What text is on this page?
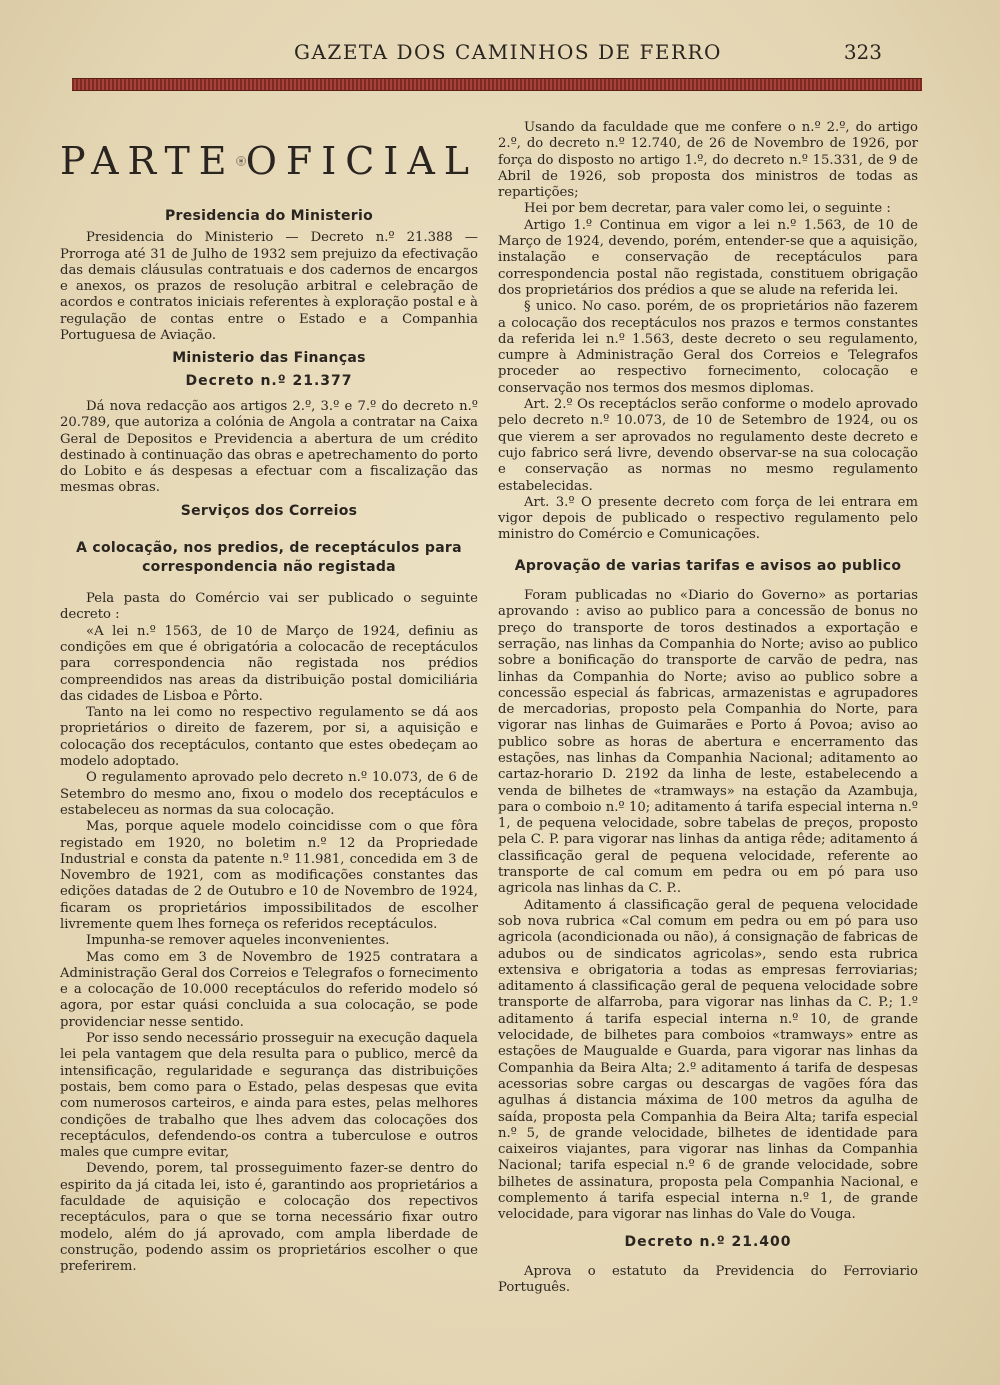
GAZETA DOS CAMINHOS DE FERRO	323
PARTE OFICIAL
Presidencia do Ministerio

Presidencia do Ministerio — Decreto n.º 21.388 — Prorroga até 31 de Julho de 1932 sem prejuizo da efectivação das demais cláusulas contratuais e dos cadernos de encargos e anexos, os prazos de resolução arbitral e celebração de acordos e contratos iniciais referentes à exploração postal e à regulação de contas entre o Estado e a Companhia Portuguesa de Aviação.

Ministerio das Finanças
Decreto n.º 21.377

Dá nova redacção aos artigos 2.º, 3.º e 7.º do decreto n.º 20.789, que autoriza a colónia de Angola a contratar na Caixa Geral de Depositos e Previdencia a abertura de um crédito destinado à continuação das obras e apetrechamento do porto do Lobito e ás despesas a efectuar com a fiscalização das mesmas obras.

Serviços dos Correios
A colocação, nos predios, de receptáculos para correspondencia não registada

Pela pasta do Comércio vai ser publicado o seguinte decreto :

«A lei n.º 1563, de 10 de Março de 1924, definiu as condições em que é obrigatória a colocacão de receptáculos para correspondencia não registada nos prédios compreendidos nas areas da distribuição postal domiciliária das cidades de Lisboa e Pôrto.

Tanto na lei como no respectivo regulamento se dá aos proprietários o direito de fazerem, por si, a aquisição e colocação dos receptáculos, contanto que estes obedeçam ao modelo adoptado.

O regulamento aprovado pelo decreto n.º 10.073, de 6 de Setembro do mesmo ano, fixou o modelo dos receptáculos e estabeleceu as normas da sua colocação.

Mas, porque aquele modelo coincidisse com o que fôra registado em 1920, no boletim n.º 12 da Propriedade Industrial e consta da patente n.º 11.981, concedida em 3 de Novembro de 1921, com as modificações constantes das edições datadas de 2 de Outubro e 10 de Novembro de 1924, ficaram os proprietários impossibilitados de escolher livremente quem lhes forneça os referidos receptáculos.

Impunha-se remover aqueles inconvenientes.

Mas como em 3 de Novembro de 1925 contratara a Administração Geral dos Correios e Telegrafos o fornecimento e a colocação de 10.000 receptáculos do referido modelo só agora, por estar quási concluida a sua colocação, se pode providenciar nesse sentido.

Por isso sendo necessário prosseguir na execução daquela lei pela vantagem que dela resulta para o publico, mercê da intensificação, regularidade e segurança das distribuições postais, bem como para o Estado, pelas despesas que evita com numerosos carteiros, e ainda para estes, pelas melhores condições de trabalho que lhes advem das colocações dos receptáculos, defendendo-os contra a tuberculose e outros males que cumpre evitar,

Devendo, porem, tal prosseguimento fazer-se dentro do espirito da já citada lei, isto é, garantindo aos proprietários a faculdade de aquisição e colocação dos repectivos receptáculos, para o que se torna necessário fixar outro modelo, além do já aprovado, com ampla liberdade de construção, podendo assim os proprietários escolher o que preferirem.

Usando da faculdade que me confere o n.º 2.º, do artigo 2.º, do decreto n.º 12.740, de 26 de Novembro de 1926, por força do disposto no artigo 1.º, do decreto n.º 15.331, de 9 de Abril de 1926, sob proposta dos ministros de todas as repartições;

Hei por bem decretar, para valer como lei, o seguinte :

Artigo 1.º Continua em vigor a lei n.º 1.563, de 10 de Março de 1924, devendo, porém, entender-se que a aquisição, instalação e conservação de receptáculos para correspondencia postal não registada, constituem obrigação dos proprietários dos prédios a que se alude na referida lei.

§ unico. No caso. porém, de os proprietários não fazerem a colocação dos receptáculos nos prazos e termos constantes da referida lei n.º 1.563, deste decreto o seu regulamento, cumpre à Administração Geral dos Correios e Telegrafos proceder ao respectivo fornecimento, colocação e conservação nos termos dos mesmos diplomas.

Art. 2.º Os receptáclos serão conforme o modelo aprovado pelo decreto n.º 10.073, de 10 de Setembro de 1924, ou os que vierem a ser aprovados no regulamento deste decreto e cujo fabrico será livre, devendo observar-se na sua colocação e conservação as normas no mesmo regulamento estabelecidas.

Art. 3.º O presente decreto com força de lei entrara em vigor depois de publicado o respectivo regulamento pelo ministro do Comércio e Comunicações.

Aprovação de varias tarifas e avisos ao publico

Foram publicadas no «Diario do Governo» as portarias aprovando : aviso ao publico para a concessão de bonus no preço do transporte de toros destinados a exportação e serração, nas linhas da Companhia do Norte; aviso ao publico sobre a bonificação do transporte de carvão de pedra, nas linhas da Companhia do Norte; aviso ao publico sobre a concessão especial ás fabricas, armazenistas e agrupadores de mercadorias, proposto pela Companhia do Norte, para vigorar nas linhas de Guimarães e Porto á Povoa; aviso ao publico sobre as horas de abertura e encerramento das estações, nas linhas da Companhia Nacional; aditamento ao cartaz-horario D. 2192 da linha de leste, estabelecendo a venda de bilhetes de «tramways» na estação da Azambuja, para o comboio n.º 10; aditamento á tarifa especial interna n.º 1, de pequena velocidade, sobre tabelas de preços, proposto pela C. P. para vigorar nas linhas da antiga rêde; aditamento á classificação geral de pequena velocidade, referente ao transporte de cal comum em pedra ou em pó para uso agricola nas linhas da C. P..

Aditamento á classificação geral de pequena velocidade sob nova rubrica «Cal comum em pedra ou em pó para uso agricola (acondicionada ou não), á consignação de fabricas de adubos ou de sindicatos agricolas», sendo esta rubrica extensiva e obrigatoria a todas as empresas ferroviarias; aditamento á classificação geral de pequena velocidade sobre transporte de alfarroba, para vigorar nas linhas da C. P.; 1.º aditamento á tarifa especial interna n.º 10, de grande velocidade, de bilhetes para comboios «tramways» entre as estações de Maugualde e Guarda, para vigorar nas linhas da Companhia da Beira Alta; 2.º aditamento á tarifa de despesas acessorias sobre cargas ou descargas de vagões fóra das agulhas á distancia máxima de 100 metros da agulha de saída, proposta pela Companhia da Beira Alta; tarifa especial n.º 5, de grande velocidade, bilhetes de identidade para caixeiros viajantes, para vigorar nas linhas da Companhia Nacional; tarifa especial n.º 6 de grande velocidade, sobre bilhetes de assinatura, proposta pela Companhia Nacional, e complemento á tarifa especial interna n.º 1, de grande velocidade, para vigorar nas linhas do Vale do Vouga.

Decreto n.º 21.400

Aprova o estatuto da Previdencia do Ferroviario Português.
